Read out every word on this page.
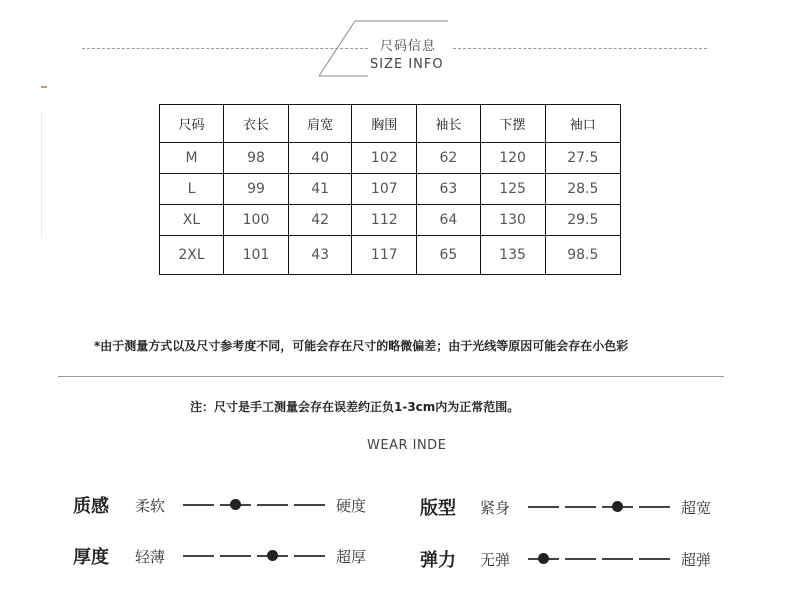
尺码信息
SIZE INFO
尺码	衣长	肩宽	胸围	袖长	下摆	袖口
M	98	40	102	62	120	27.5
L	99	41	107	63	125	28.5
XL	100	42	112	64	130	29.5
2XL	101	43	117	65	135	98.5
*由于测量方式以及尺寸参考度不同，可能会存在尺寸的略微偏差；由于光线等原因可能会存在小色彩
注：尺寸是手工测量会存在误差约正负1-3cm内为正常范围。
WEAR INDE
质感 柔软	硬度	版型 紧身	超宽
厚度 轻薄	超厚	弹力 无弹	超弹
